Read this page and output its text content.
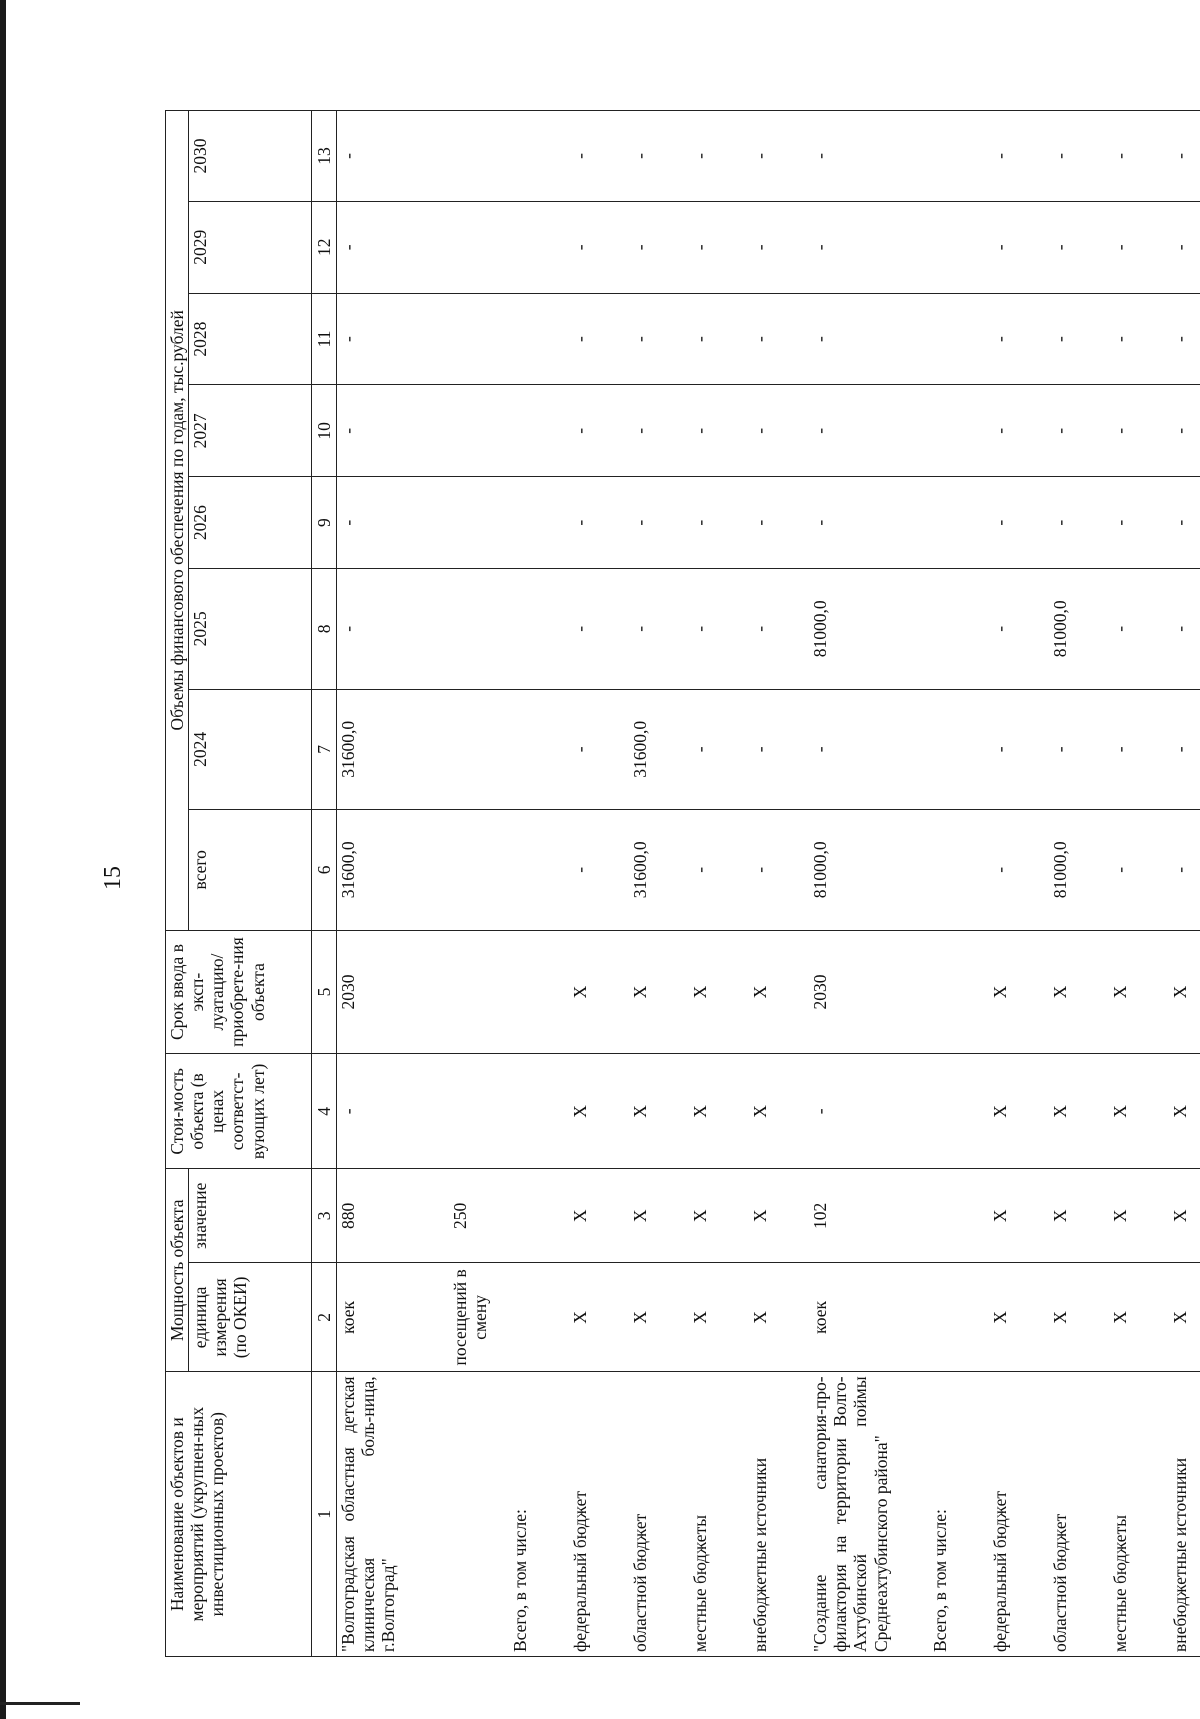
15
Наименование объектов и мероприятий (укрупнен-ных инвестиционных проектов)	Мощность объекта		Стои-мость объекта (в ценах соответст-вующих лет)	Срок ввода в эксп-луатацию/ приобрете-ния объекта	Объемы финансового обеспечения по годам, тыс.рублей							
	единица измерения (по ОКЕИ)	значение			всего	2024	2025	2026	2027	2028	2029	2030
1	2	3	4	5	6	7	8	9	10	11	12	13
"Волгоградская областная детская клиническая боль-ница, г.Волгоград"	коек	880	-	2030	31600,0	31600,0	-	-	-	-	-	-
	посещений в смену	250										
Всего, в том числе:												
федеральный бюджет	X	X	X	X	-	-	-	-	-	-	-	-
областной бюджет	X	X	X	X	31600,0	31600,0	-	-	-	-	-	-
местные бюджеты	X	X	X	X	-	-	-	-	-	-	-	-
внебюджетные источники	X	X	X	X	-	-	-	-	-	-	-	-
"Создание санатория-про-филактория на территории Волго-Ахтубинской поймы Среднеахтубинского района"	коек	102	-	2030	81000,0	-	81000,0	-	-	-	-	-
Всего, в том числе:												
федеральный бюджет	X	X	X	X	-	-	-	-	-	-	-	-
областной бюджет	X	X	X	X	81000,0	-	81000,0	-	-	-	-	-
местные бюджеты	X	X	X	X	-	-	-	-	-	-	-	-
внебюджетные источники	X	X	X	X	-	-	-	-	-	-	-	-
